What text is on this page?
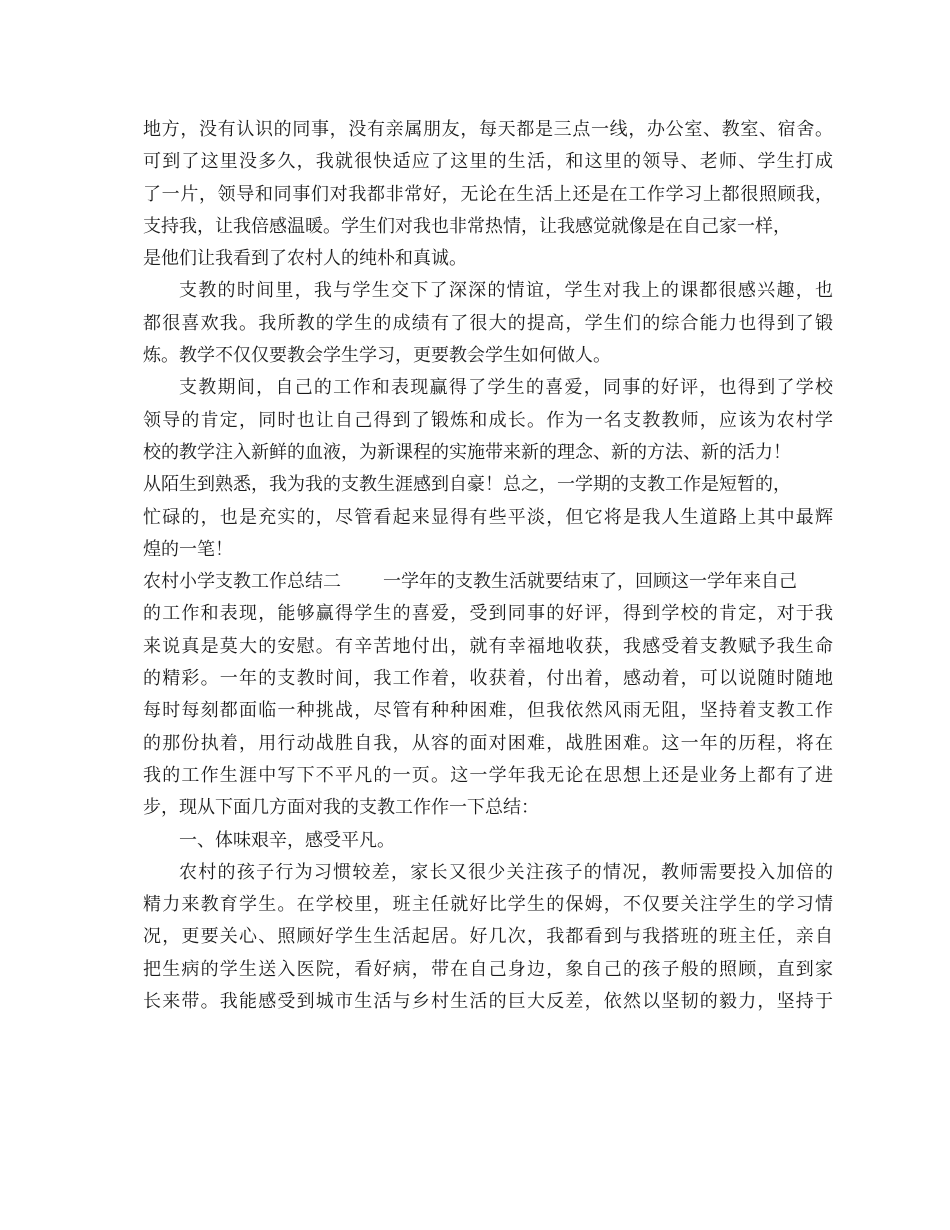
地方，没有认识的同事，没有亲属朋友，每天都是三点一线，办公室、教室、宿舍。
可到了这里没多久，我就很快适应了这里的生活，和这里的领导、老师、学生打成
了一片，领导和同事们对我都非常好，无论在生活上还是在工作学习上都很照顾我，
支持我，让我倍感温暖。学生们对我也非常热情，让我感觉就像是在自己家一样，
是他们让我看到了农村人的纯朴和真诚。
支教的时间里，我与学生交下了深深的情谊，学生对我上的课都很感兴趣，也
都很喜欢我。我所教的学生的成绩有了很大的提高，学生们的综合能力也得到了锻
炼。教学不仅仅要教会学生学习，更要教会学生如何做人。
支教期间，自己的工作和表现赢得了学生的喜爱，同事的好评，也得到了学校
领导的肯定，同时也让自己得到了锻炼和成长。作为一名支教教师，应该为农村学
校的教学注入新鲜的血液，为新课程的实施带来新的理念、新的方法、新的活力！
从陌生到熟悉，我为我的支教生涯感到自豪！总之，一学期的支教工作是短暂的，
忙碌的，也是充实的，尽管看起来显得有些平淡，但它将是我人生道路上其中最辉
煌的一笔！
农村小学支教工作总结二 一学年的支教生活就要结束了，回顾这一学年来自己
的工作和表现，能够赢得学生的喜爱，受到同事的好评，得到学校的肯定，对于我
来说真是莫大的安慰。有辛苦地付出，就有幸福地收获，我感受着支教赋予我生命
的精彩。一年的支教时间，我工作着，收获着，付出着，感动着，可以说随时随地
每时每刻都面临一种挑战，尽管有种种困难，但我依然风雨无阻，坚持着支教工作
的那份执着，用行动战胜自我，从容的面对困难，战胜困难。这一年的历程，将在
我的工作生涯中写下不平凡的一页。这一学年我无论在思想上还是业务上都有了进
步，现从下面几方面对我的支教工作作一下总结：
一、体味艰辛，感受平凡。
农村的孩子行为习惯较差，家长又很少关注孩子的情况，教师需要投入加倍的
精力来教育学生。在学校里，班主任就好比学生的保姆，不仅要关注学生的学习情
况，更要关心、照顾好学生生活起居。好几次，我都看到与我搭班的班主任，亲自
把生病的学生送入医院，看好病，带在自己身边，象自己的孩子般的照顾，直到家
长来带。我能感受到城市生活与乡村生活的巨大反差，依然以坚韧的毅力，坚持于
